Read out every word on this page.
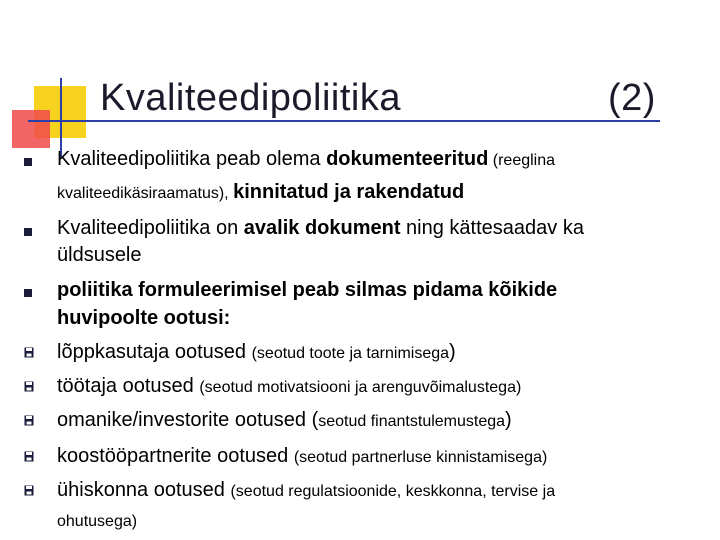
Kvaliteedipoliitika	(2)
Kvaliteedipoliitika peab olema dokumenteeritud (reeglina
kvaliteedikäsiraamatus), kinnitatud ja rakendatud
Kvaliteedipoliitika on avalik dokument ning kättesaadav ka
üldsusele
poliitika formuleerimisel peab silmas pidama kõikide
huvipoolte ootusi:
lõppkasutaja ootused (seotud toote ja tarnimisega)
töötaja ootused (seotud motivatsiooni ja arenguvõimalustega)
omanike/investorite ootused (seotud finantstulemustega)
koostööpartnerite ootused (seotud partnerluse kinnistamisega)
ühiskonna ootused (seotud regulatsioonide, keskkonna, tervise ja
ohutusega)
